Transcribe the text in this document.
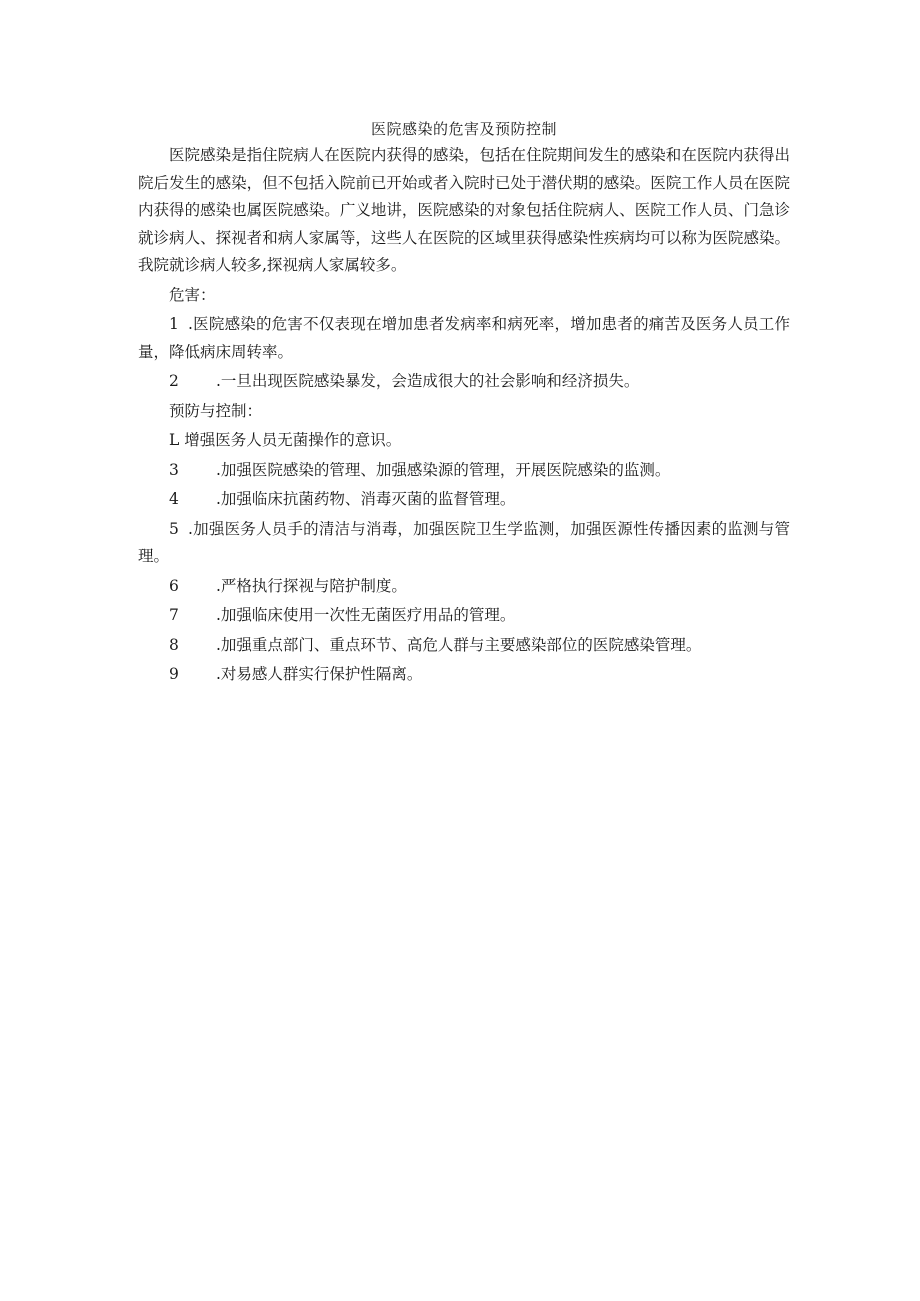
医院感染的危害及预防控制

医院感染是指住院病人在医院内获得的感染，包括在住院期间发生的感染和在医院内获得出院后发生的感染，但不包括入院前已开始或者入院时已处于潜伏期的感染。医院工作人员在医院内获得的感染也属医院感染。广义地讲，医院感染的对象包括住院病人、医院工作人员、门急诊就诊病人、探视者和病人家属等，这些人在医院的区域里获得感染性疾病均可以称为医院感染。我院就诊病人较多,探视病人家属较多。

危害：

1 .医院感染的危害不仅表现在增加患者发病率和病死率，增加患者的痛苦及医务人员工作量，降低病床周转率。

2 .一旦出现医院感染暴发，会造成很大的社会影响和经济损失。

预防与控制：

L 增强医务人员无菌操作的意识。

3 .加强医院感染的管理、加强感染源的管理，开展医院感染的监测。

4 .加强临床抗菌药物、消毒灭菌的监督管理。

5 .加强医务人员手的清洁与消毒，加强医院卫生学监测，加强医源性传播因素的监测与管理。

6 .严格执行探视与陪护制度。

7 .加强临床使用一次性无菌医疗用品的管理。

8 .加强重点部门、重点环节、高危人群与主要感染部位的医院感染管理。

9 .对易感人群实行保护性隔离。
